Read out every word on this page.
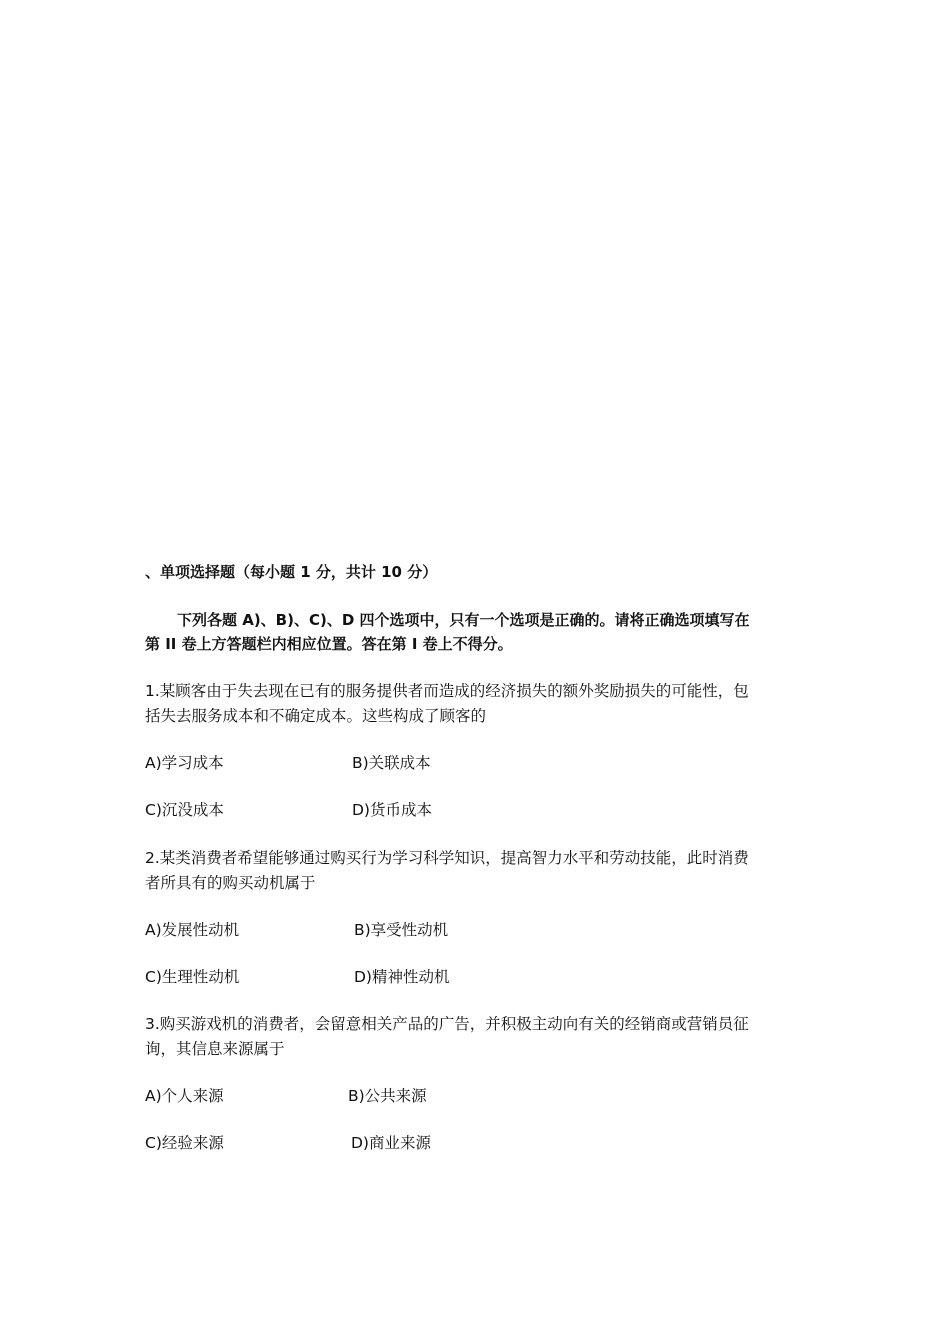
、单项选择题（每小题 1 分，共计 10 分）
下列各题 A)、B)、C)、D 四个选项中，只有一个选项是正确的。请将正确选项填写在
第 II 卷上方答题栏内相应位置。答在第 I 卷上不得分。
1.某顾客由于失去现在已有的服务提供者而造成的经济损失的额外奖励损失的可能性，包
括失去服务成本和不确定成本。这些构成了顾客的
A)学习成本	B)关联成本
C)沉没成本	D)货币成本
2.某类消费者希望能够通过购买行为学习科学知识，提高智力水平和劳动技能，此时消费
者所具有的购买动机属于
A)发展性动机	B)享受性动机
C)生理性动机	D)精神性动机
3.购买游戏机的消费者，会留意相关产品的广告，并积极主动向有关的经销商或营销员征
询，其信息来源属于
A)个人来源	B)公共来源
C)经验来源	D)商业来源
